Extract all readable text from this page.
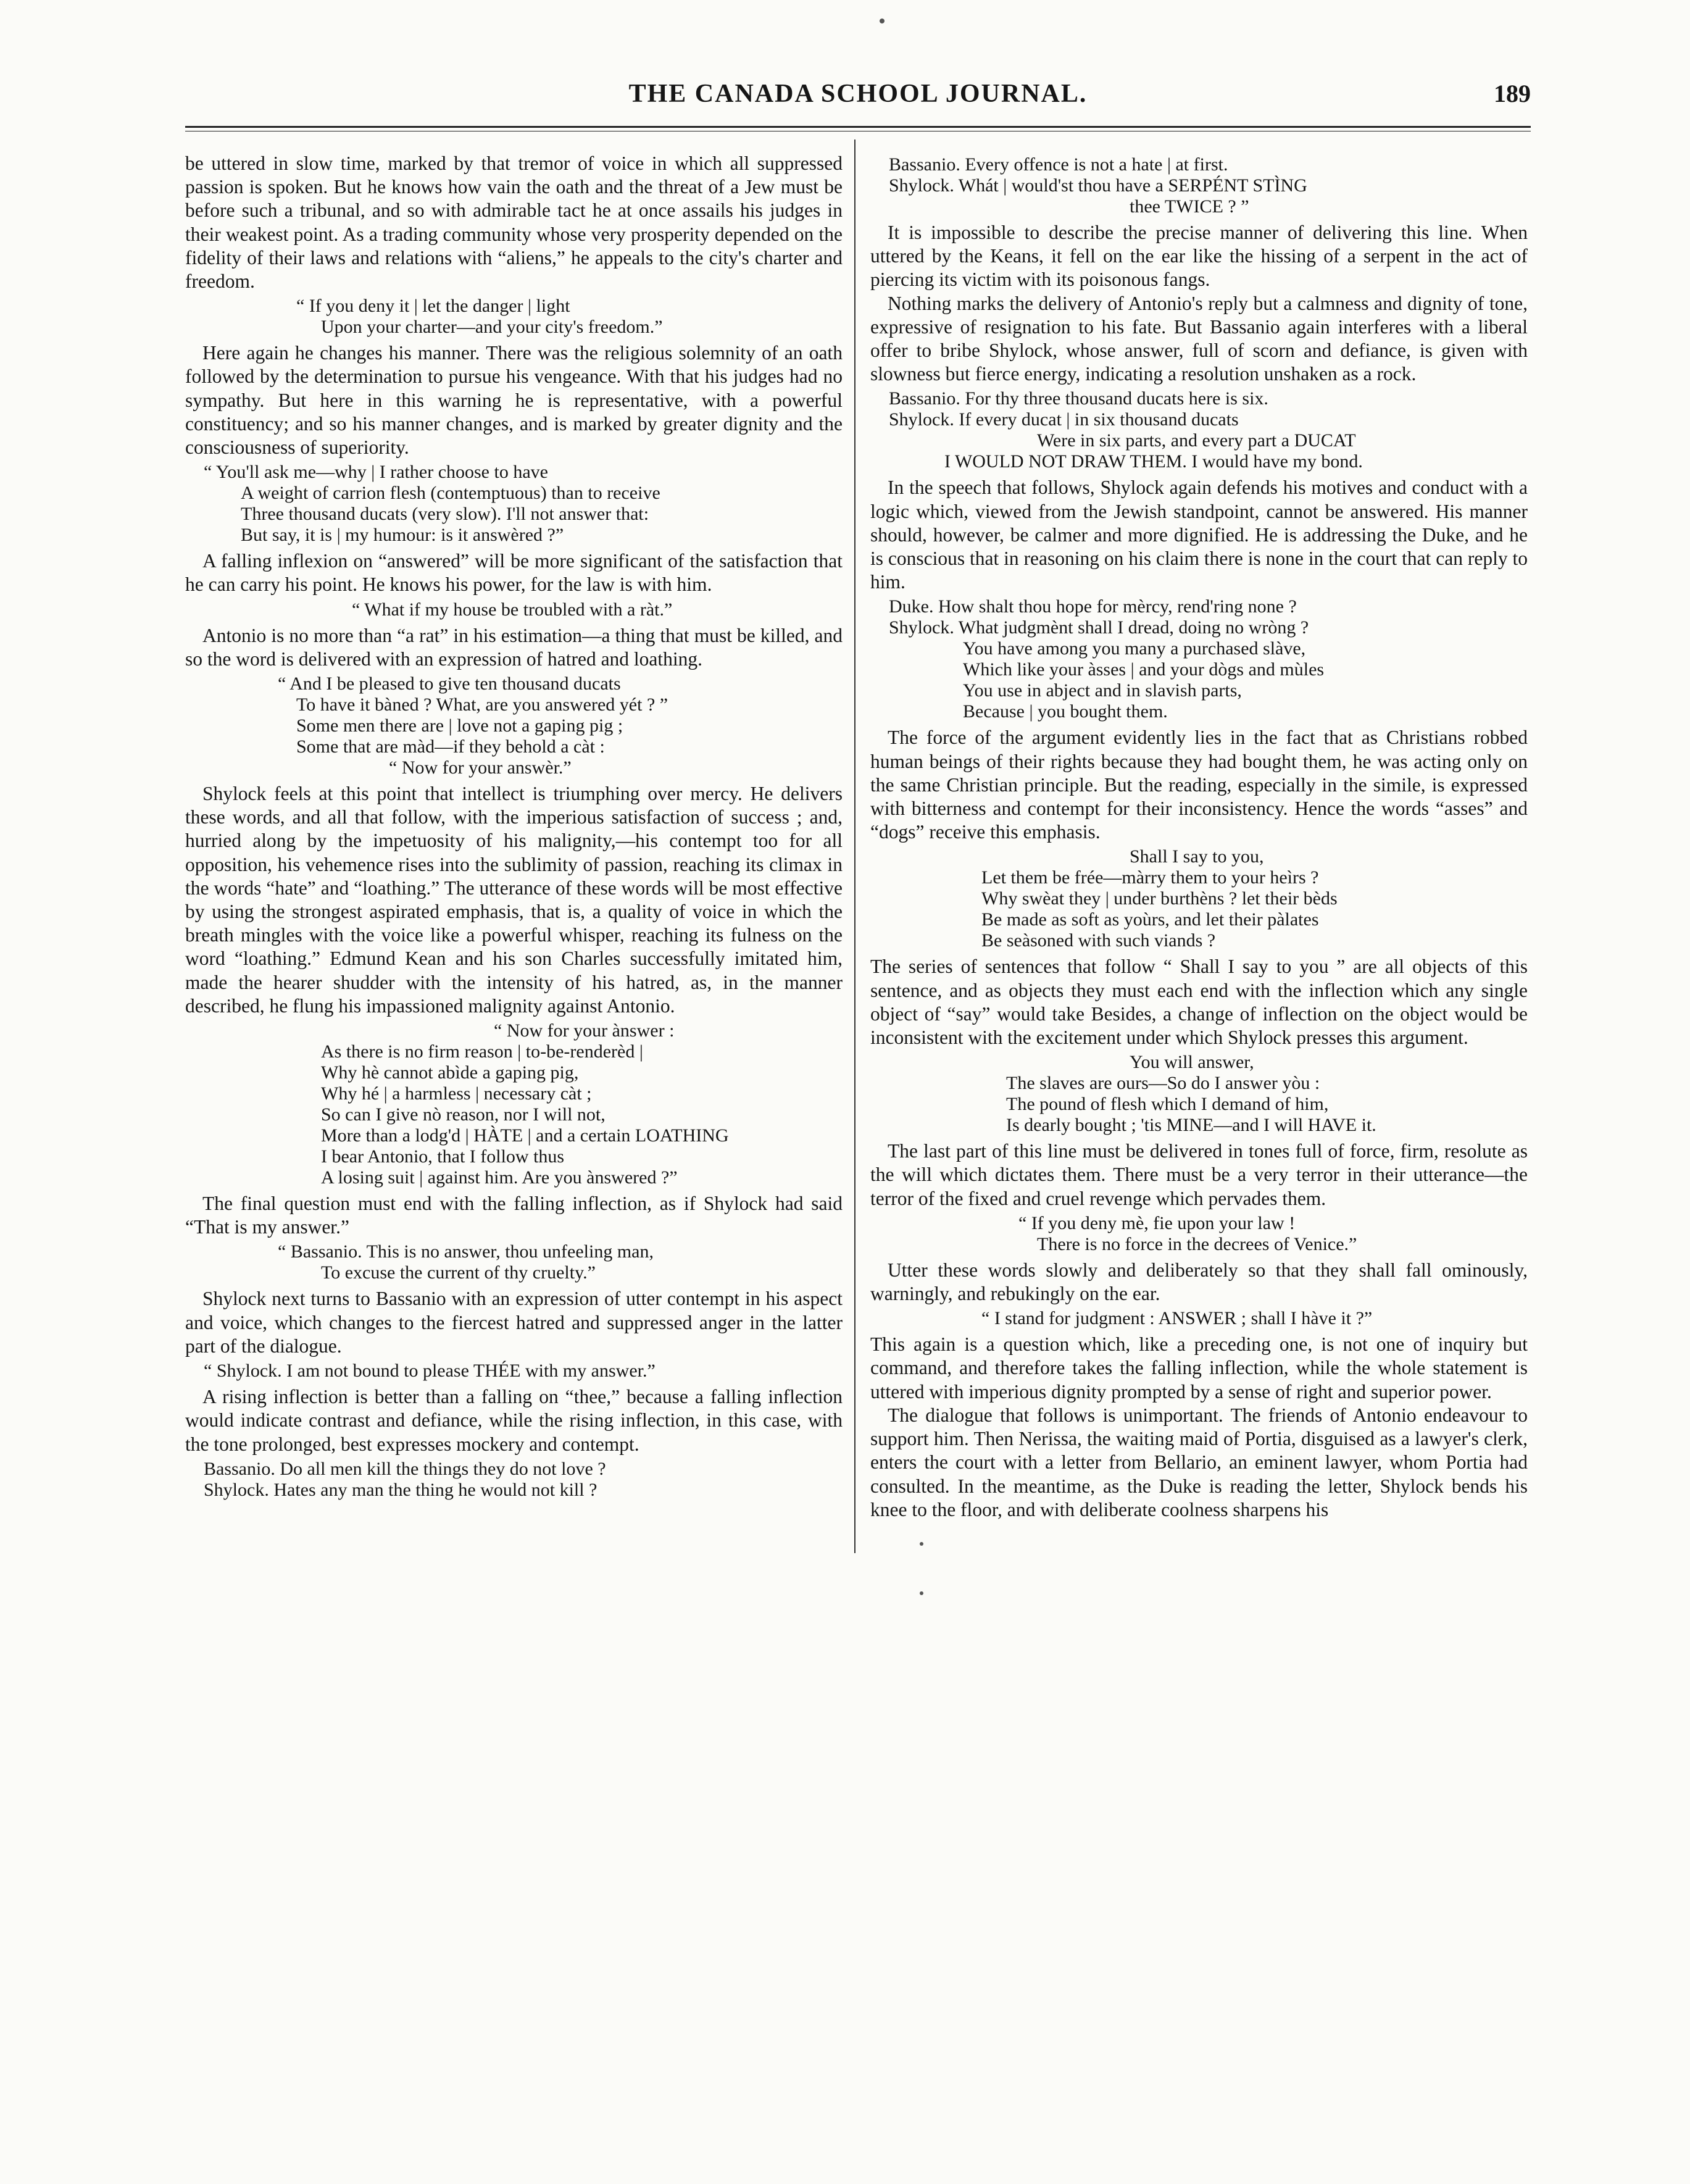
THE CANADA SCHOOL JOURNAL.	189

be uttered in slow time, marked by that tremor of voice in which all suppressed passion is spoken. But he knows how vain the oath and the threat of a Jew must be before such a tribunal, and so with admirable tact he at once assails his judges in their weakest point. As a trading community whose very prosperity depended on the fidelity of their laws and relations with “aliens,” he appeals to the city's charter and freedom.

“ If you deny it | let the danger | light
Upon your charter—and your city's freedom.”

Here again he changes his manner. There was the religious solemnity of an oath followed by the determination to pursue his vengeance. With that his judges had no sympathy. But here in this warning he is representative, with a powerful constituency; and so his manner changes, and is marked by greater dignity and the consciousness of superiority.

“ You'll ask me—why | I rather choose to have
A weight of carrion flesh (contemptuous) than to receive
Three thousand ducats (very slow). I'll not answer that:
But say, it is | my humour: is it answèred ?”

A falling inflexion on “answered” will be more significant of the satisfaction that he can carry his point. He knows his power, for the law is with him.

“ What if my house be troubled with a ràt.”

Antonio is no more than “a rat” in his estimation—a thing that must be killed, and so the word is delivered with an expression of hatred and loathing.

“ And I be pleased to give ten thousand ducats
To have it bàned ? What, are you answered yét ? ”
Some men there are | love not a gaping pig ;
Some that are màd—if they behold a càt :
“ Now for your answèr.”

Shylock feels at this point that intellect is triumphing over mercy. He delivers these words, and all that follow, with the imperious satisfaction of success ; and, hurried along by the impetuosity of his malignity,—his contempt too for all opposition, his vehemence rises into the sublimity of passion, reaching its climax in the words “hate” and “loathing.” The utterance of these words will be most effective by using the strongest aspirated emphasis, that is, a quality of voice in which the breath mingles with the voice like a powerful whisper, reaching its fulness on the word “loathing.” Edmund Kean and his son Charles successfully imitated him, made the hearer shudder with the intensity of his hatred, as, in the manner described, he flung his impassioned malignity against Antonio.

“ Now for your ànswer :
As there is no firm reason | to-be-renderèd |
Why hè cannot abìde a gaping pig,
Why hé | a harmless | necessary càt ;
So can I give nò reason, nor I will not,
More than a lodg'd | HÀTE | and a certain LOATHING
I bear Antonio, that I follow thus
A losing suit | against him. Are you ànswered ?”

The final question must end with the falling inflection, as if Shylock had said “That is my answer.”

“ Bassanio. This is no answer, thou unfeeling man,
To excuse the current of thy cruelty.”

Shylock next turns to Bassanio with an expression of utter contempt in his aspect and voice, which changes to the fiercest hatred and suppressed anger in the latter part of the dialogue.

“ Shylock. I am not bound to please THÉE with my answer.”

A rising inflection is better than a falling on “thee,” because a falling inflection would indicate contrast and defiance, while the rising inflection, in this case, with the tone prolonged, best expresses mockery and contempt.

Bassanio. Do all men kill the things they do not love ?
Shylock. Hates any man the thing he would not kill ?
Bassanio. Every offence is not a hate | at first.
Shylock. Whát | would'st thou have a SERPÉNT STÌNG
thee TWICE ? ”

It is impossible to describe the precise manner of delivering this line. When uttered by the Keans, it fell on the ear like the hissing of a serpent in the act of piercing its victim with its poisonous fangs.

Nothing marks the delivery of Antonio's reply but a calmness and dignity of tone, expressive of resignation to his fate. But Bassanio again interferes with a liberal offer to bribe Shylock, whose answer, full of scorn and defiance, is given with slowness but fierce energy, indicating a resolution unshaken as a rock.

Bassanio. For thy three thousand ducats here is six.
Shylock. If every ducat | in six thousand ducats
Were in six parts, and every part a DUCAT
I WOULD NOT DRAW THEM. I would have my bond.

In the speech that follows, Shylock again defends his motives and conduct with a logic which, viewed from the Jewish standpoint, cannot be answered. His manner should, however, be calmer and more dignified. He is addressing the Duke, and he is conscious that in reasoning on his claim there is none in the court that can reply to him.

Duke. How shalt thou hope for mèrcy, rend'ring none ?
Shylock. What judgmènt shall I dread, doing no wròng ?
You have among you many a purchased slàve,
Which like your àsses | and your dògs and mùles
You use in abject and in slavish parts,
Because | you bought them.

The force of the argument evidently lies in the fact that as Christians robbed human beings of their rights because they had bought them, he was acting only on the same Christian principle. But the reading, especially in the simile, is expressed with bitterness and contempt for their inconsistency. Hence the words “asses” and “dogs” receive this emphasis.

Shall I say to you,
Let them be frée—màrry them to your heìrs ?
Why swèat they | under burthèns ? let their bèds
Be made as soft as yoùrs, and let their pàlates
Be seàsoned with such viands ?

The series of sentences that follow “ Shall I say to you ” are all objects of this sentence, and as objects they must each end with the inflection which any single object of “say” would take Besides, a change of inflection on the object would be inconsistent with the excitement under which Shylock presses this argument.

You will answer,
The slaves are ours—So do I answer yòu :
The pound of flesh which I demand of him,
Is dearly bought ; 'tis MINE—and I will HAVE it.

The last part of this line must be delivered in tones full of force, firm, resolute as the will which dictates them. There must be a very terror in their utterance—the terror of the fixed and cruel revenge which pervades them.

“ If you deny mè, fie upon your law !
There is no force in the decrees of Venice.”

Utter these words slowly and deliberately so that they shall fall ominously, warningly, and rebukingly on the ear.

“ I stand for judgment : ANSWER ; shall I hàve it ?”

This again is a question which, like a preceding one, is not one of inquiry but command, and therefore takes the falling inflection, while the whole statement is uttered with imperious dignity prompted by a sense of right and superior power.

The dialogue that follows is unimportant. The friends of Antonio endeavour to support him. Then Nerissa, the waiting maid of Portia, disguised as a lawyer's clerk, enters the court with a letter from Bellario, an eminent lawyer, whom Portia had consulted. In the meantime, as the Duke is reading the letter, Shylock bends his knee to the floor, and with deliberate coolness sharpens his
